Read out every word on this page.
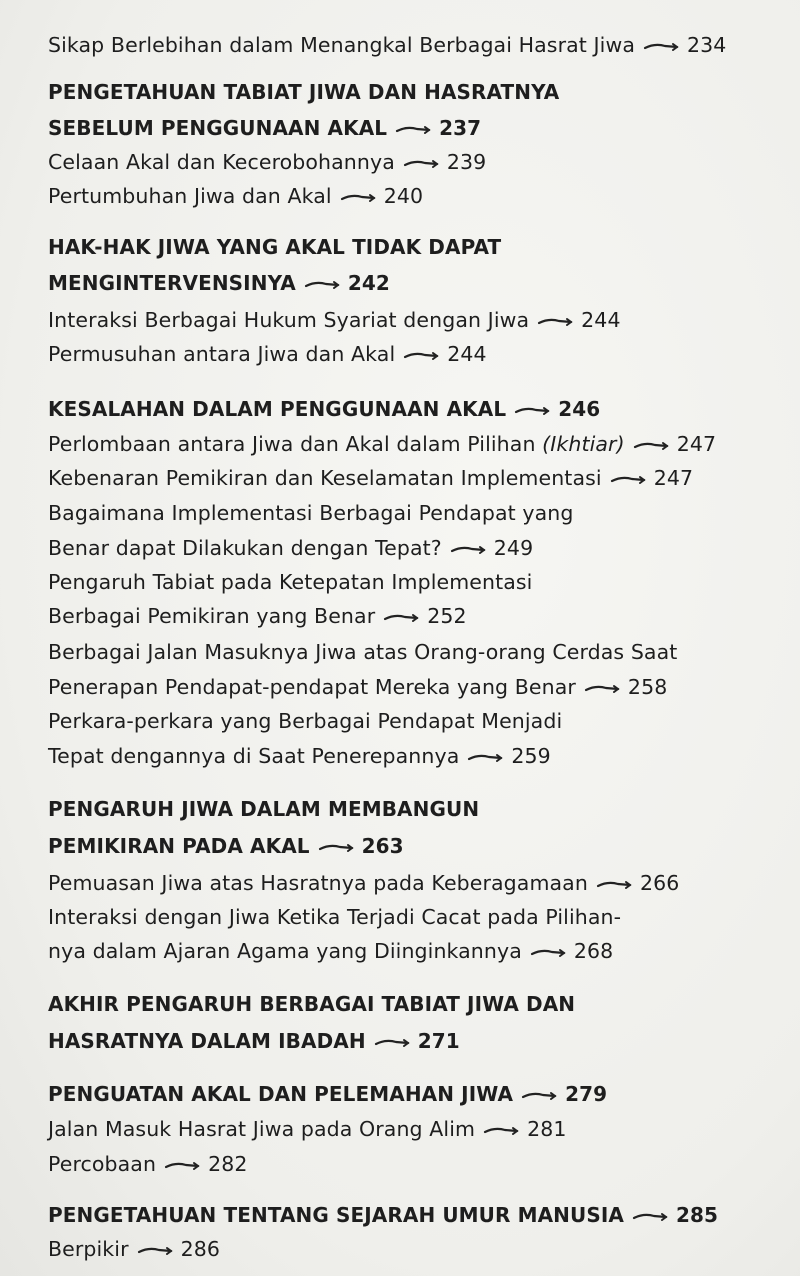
Sikap Berlebihan dalam Menangkal Berbagai Hasrat Jiwa	234
PENGETAHUAN TABIAT JIWA DAN HASRATNYA
SEBELUM PENGGUNAAN AKAL	237
Celaan Akal dan Kecerobohannya	239
Pertumbuhan Jiwa dan Akal	240
HAK-HAK JIWA YANG AKAL TIDAK DAPAT
MENGINTERVENSINYA	242
Interaksi Berbagai Hukum Syariat dengan Jiwa	244
Permusuhan antara Jiwa dan Akal	244
KESALAHAN DALAM PENGGUNAAN AKAL	246
Perlombaan antara Jiwa dan Akal dalam Pilihan (Ikhtiar)	247
Kebenaran Pemikiran dan Keselamatan Implementasi	247
Bagaimana Implementasi Berbagai Pendapat yang
Benar dapat Dilakukan dengan Tepat?	249
Pengaruh Tabiat pada Ketepatan Implementasi
Berbagai Pemikiran yang Benar	252
Berbagai Jalan Masuknya Jiwa atas Orang-orang Cerdas Saat
Penerapan Pendapat-pendapat Mereka yang Benar	258
Perkara-perkara yang Berbagai Pendapat Menjadi
Tepat dengannya di Saat Penerepannya	259
PENGARUH JIWA DALAM MEMBANGUN
PEMIKIRAN PADA AKAL	263
Pemuasan Jiwa atas Hasratnya pada Keberagamaan	266
Interaksi dengan Jiwa Ketika Terjadi Cacat pada Pilihan-
nya dalam Ajaran Agama yang Diinginkannya	268
AKHIR PENGARUH BERBAGAI TABIAT JIWA DAN
HASRATNYA DALAM IBADAH	271
PENGUATAN AKAL DAN PELEMAHAN JIWA	279
Jalan Masuk Hasrat Jiwa pada Orang Alim	281
Percobaan	282
PENGETAHUAN TENTANG SEJARAH UMUR MANUSIA	285
Berpikir	286
